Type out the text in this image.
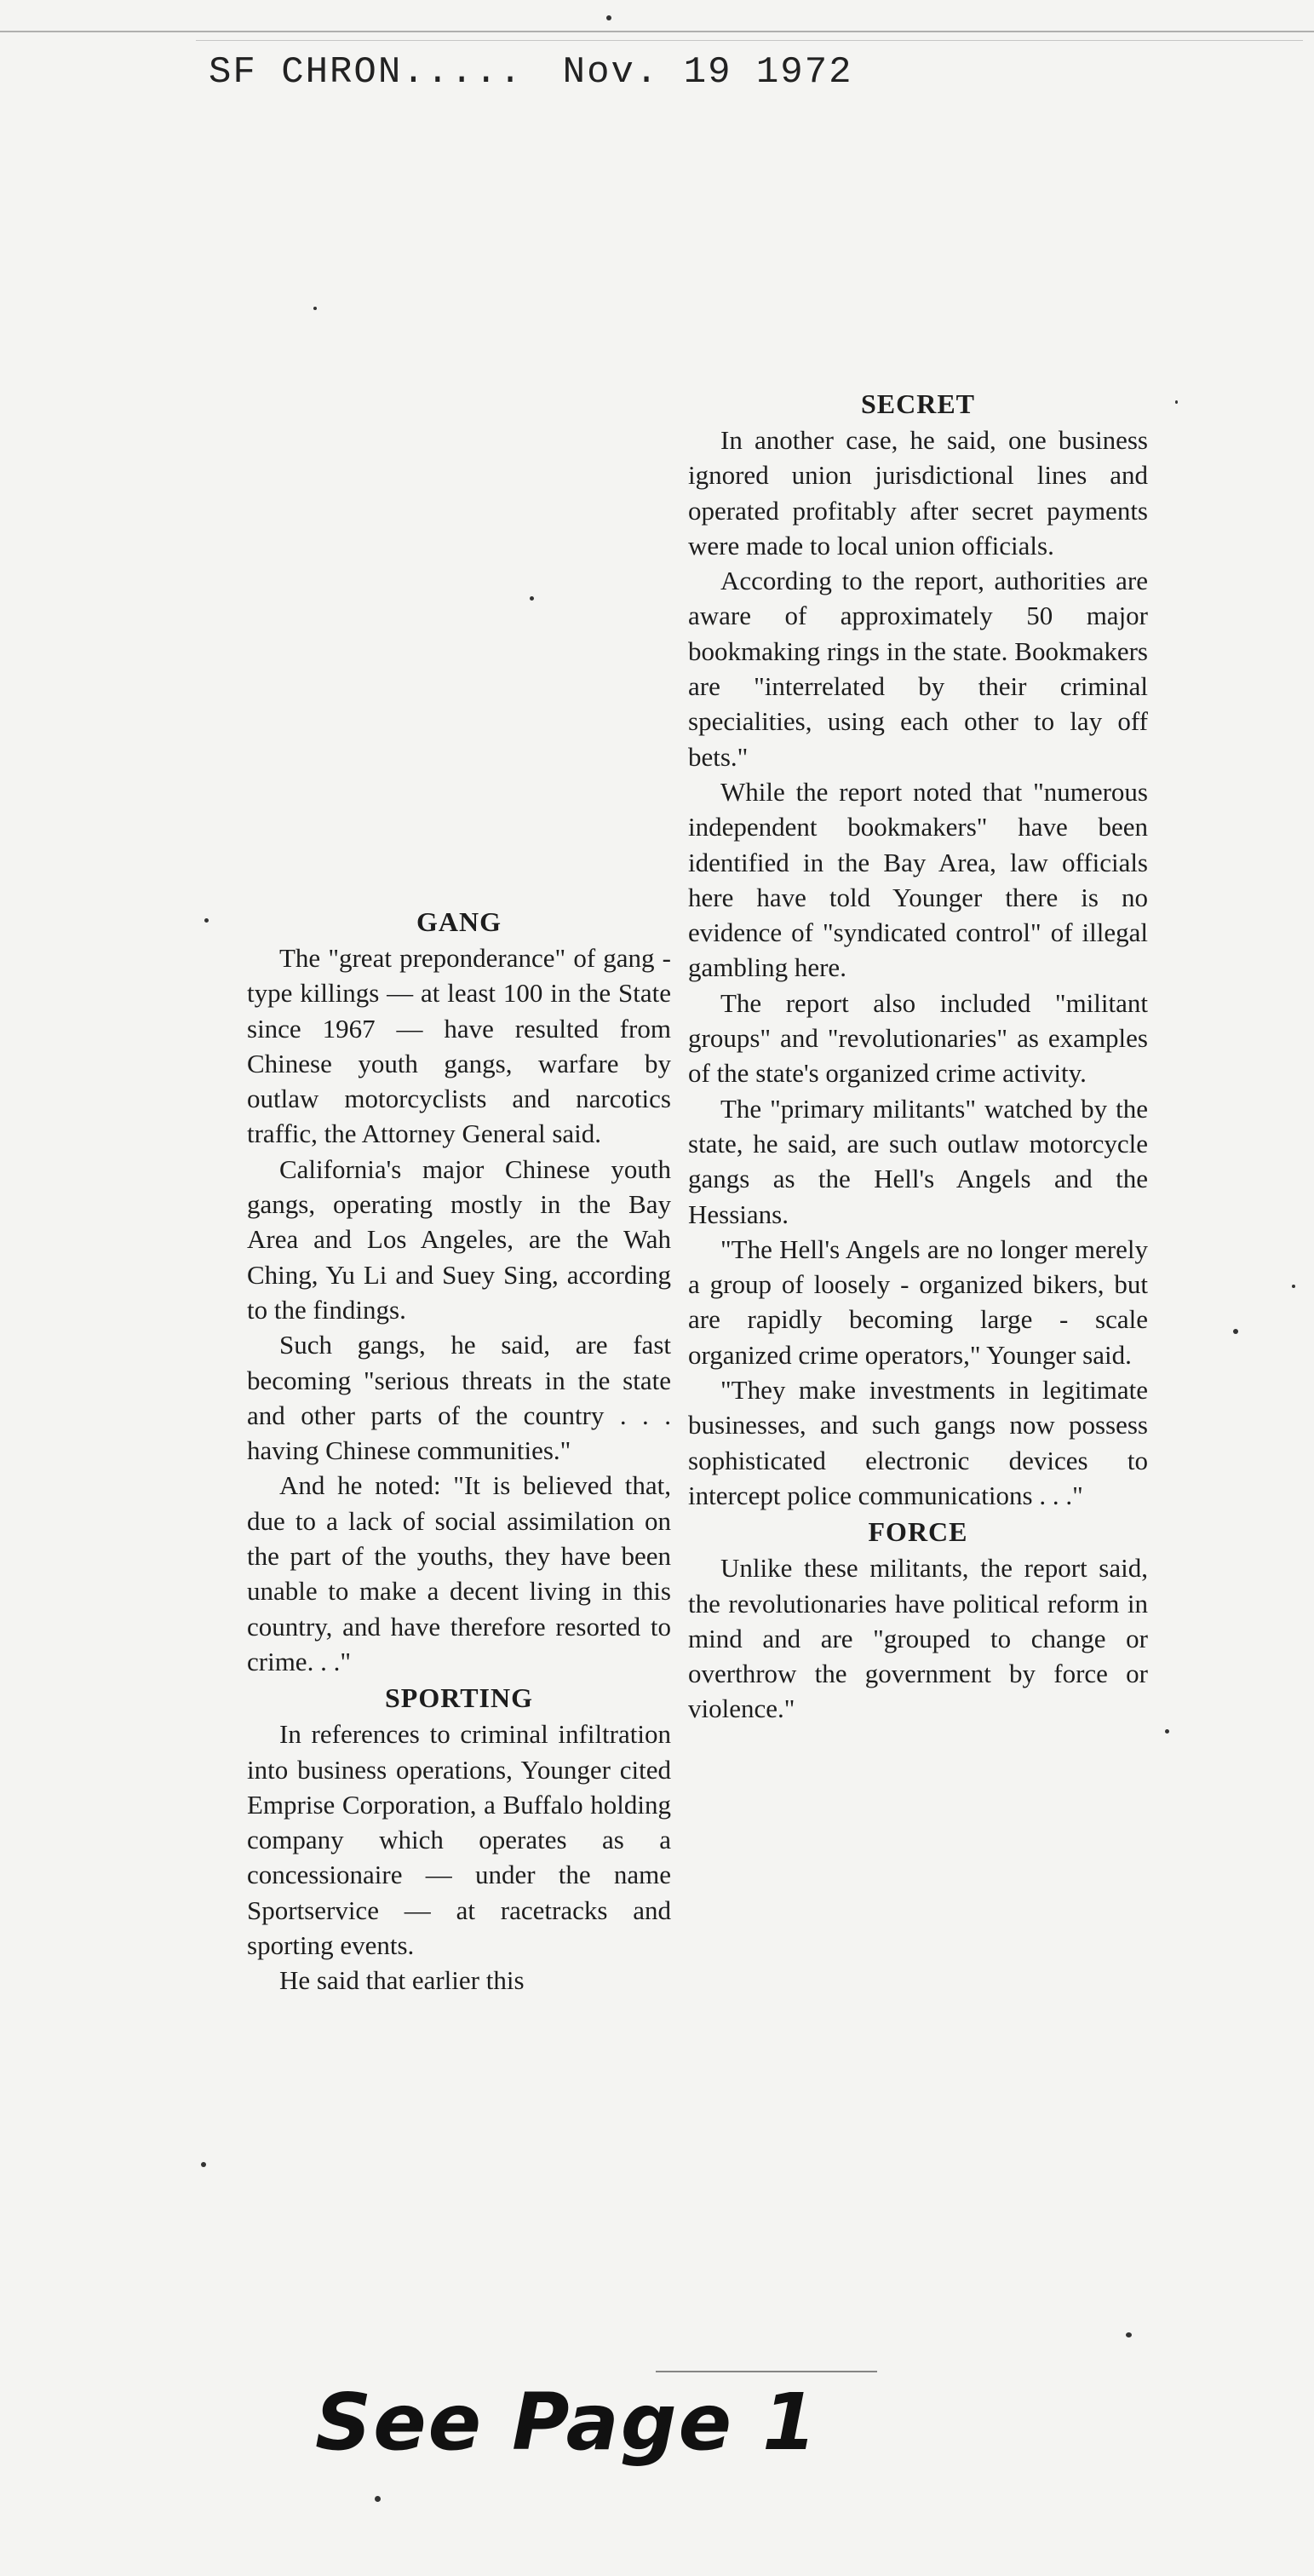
SF CHRON..... Nov. 19 1972
GANG

The "great preponderance" of gang - type killings — at least 100 in the State since 1967 — have resulted from Chinese youth gangs, warfare by outlaw motorcyclists and narcotics traffic, the Attorney General said.

California's major Chinese youth gangs, operating mostly in the Bay Area and Los Angeles, are the Wah Ching, Yu Li and Suey Sing, according to the findings.

Such gangs, he said, are fast becoming "serious threats in the state and other parts of the country . . . having Chinese communities."

And he noted: "It is believed that, due to a lack of social assimilation on the part of the youths, they have been unable to make a decent living in this country, and have therefore resorted to crime. . ."

SPORTING

In references to criminal infiltration into business operations, Younger cited Emprise Corporation, a Buffalo holding company which operates as a concessionaire — under the name Sportservice — at racetracks and sporting events.

He said that earlier this

SECRET

In another case, he said, one business ignored union jurisdictional lines and operated profitably after secret payments were made to local union officials.

According to the report, authorities are aware of approximately 50 major bookmaking rings in the state. Bookmakers are "interrelated by their criminal specialities, using each other to lay off bets."

While the report noted that "numerous independent bookmakers" have been identified in the Bay Area, law officials here have told Younger there is no evidence of "syndicated control" of illegal gambling here.

The report also included "militant groups" and "revolutionaries" as examples of the state's organized crime activity.

The "primary militants" watched by the state, he said, are such outlaw motorcycle gangs as the Hell's Angels and the Hessians.

"The Hell's Angels are no longer merely a group of loosely - organized bikers, but are rapidly becoming large - scale organized crime operators," Younger said.

"They make investments in legitimate businesses, and such gangs now possess sophisticated electronic devices to intercept police communications . . ."

FORCE

Unlike these militants, the report said, the revolutionaries have political reform in mind and are "grouped to change or overthrow the government by force or violence."

See Page 1
